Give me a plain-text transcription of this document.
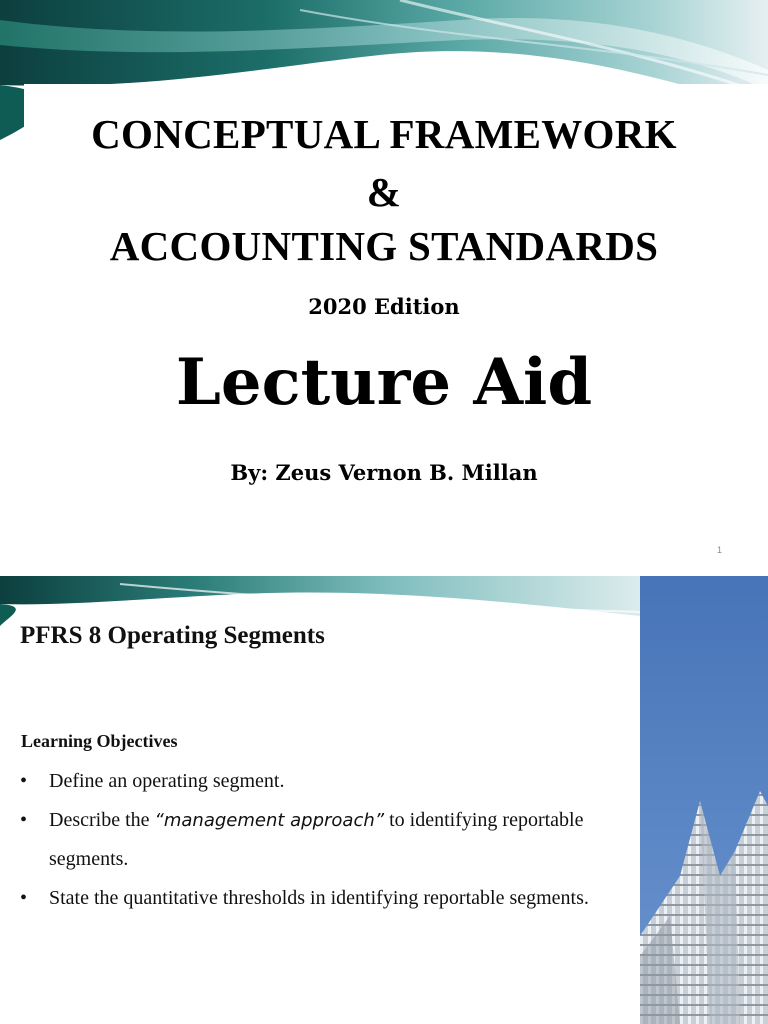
CONCEPTUAL FRAMEWORK
&
ACCOUNTING STANDARDS
2020 Edition
Lecture Aid
By: Zeus Vernon B. Millan
1
PFRS 8 Operating Segments
Learning Objectives
• Define an operating segment.
• Describe the “management approach” to identifying reportable segments.
• State the quantitative thresholds in identifying reportable segments.
